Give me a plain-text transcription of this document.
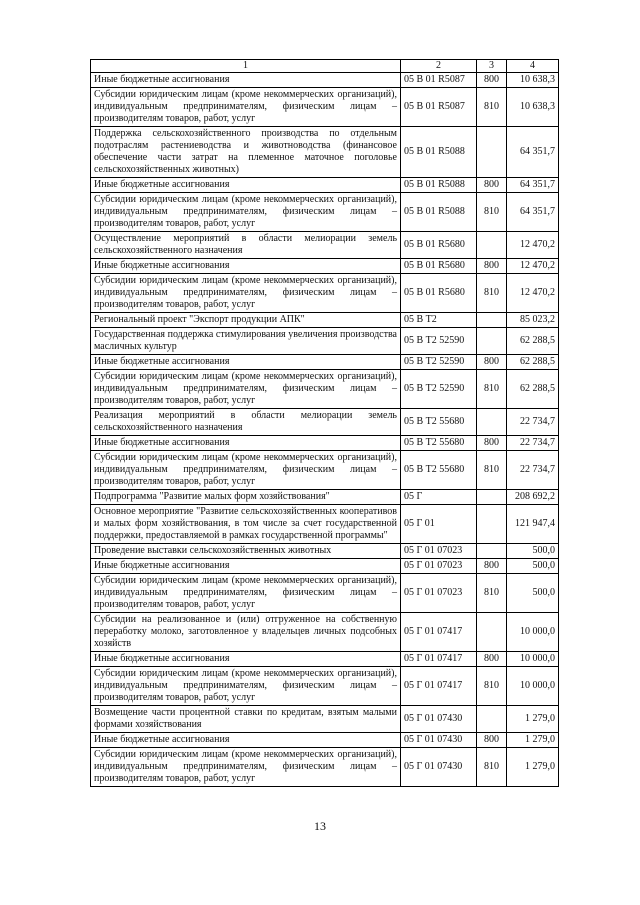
1	2	3	4
Иные бюджетные ассигнования	05 В 01 R5087	800	10 638,3
Субсидии юридическим лицам (кроме некоммерческих организаций), индивидуальным предпринимателям, физическим лицам – производителям товаров, работ, услуг	05 В 01 R5087	810	10 638,3
Поддержка сельскохозяйственного производства по отдельным подотраслям растениеводства и животноводства (финансовое обеспечение части затрат на племенное маточное поголовье сельскохозяйственных животных)	05 В 01 R5088		64 351,7
Иные бюджетные ассигнования	05 В 01 R5088	800	64 351,7
Субсидии юридическим лицам (кроме некоммерческих организаций), индивидуальным предпринимателям, физическим лицам – производителям товаров, работ, услуг	05 В 01 R5088	810	64 351,7
Осуществление мероприятий в области мелиорации земель сельскохозяйственного назначения	05 В 01 R5680		12 470,2
Иные бюджетные ассигнования	05 В 01 R5680	800	12 470,2
Субсидии юридическим лицам (кроме некоммерческих организаций), индивидуальным предпринимателям, физическим лицам – производителям товаров, работ, услуг	05 В 01 R5680	810	12 470,2
Региональный проект "Экспорт продукции АПК"	05 В Т2		85 023,2
Государственная поддержка стимулирования увеличения производства масличных культур	05 В Т2 52590		62 288,5
Иные бюджетные ассигнования	05 В Т2 52590	800	62 288,5
Субсидии юридическим лицам (кроме некоммерческих организаций), индивидуальным предпринимателям, физическим лицам – производителям товаров, работ, услуг	05 В Т2 52590	810	62 288,5
Реализация мероприятий в области мелиорации земель сельскохозяйственного назначения	05 В Т2 55680		22 734,7
Иные бюджетные ассигнования	05 В Т2 55680	800	22 734,7
Субсидии юридическим лицам (кроме некоммерческих организаций), индивидуальным предпринимателям, физическим лицам – производителям товаров, работ, услуг	05 В Т2 55680	810	22 734,7
Подпрограмма "Развитие малых форм хозяйствования"	05 Г		208 692,2
Основное мероприятие "Развитие сельскохозяйственных кооперативов и малых форм хозяйствования, в том числе за счет государственной поддержки, предоставляемой в рамках государственной программы"	05 Г 01		121 947,4
Проведение выставки сельскохозяйственных животных	05 Г 01 07023		500,0
Иные бюджетные ассигнования	05 Г 01 07023	800	500,0
Субсидии юридическим лицам (кроме некоммерческих организаций), индивидуальным предпринимателям, физическим лицам – производителям товаров, работ, услуг	05 Г 01 07023	810	500,0
Субсидии на реализованное и (или) отгруженное на собственную переработку молоко, заготовленное у владельцев личных подсобных хозяйств	05 Г 01 07417		10 000,0
Иные бюджетные ассигнования	05 Г 01 07417	800	10 000,0
Субсидии юридическим лицам (кроме некоммерческих организаций), индивидуальным предпринимателям, физическим лицам – производителям товаров, работ, услуг	05 Г 01 07417	810	10 000,0
Возмещение части процентной ставки по кредитам, взятым малыми формами хозяйствования	05 Г 01 07430		1 279,0
Иные бюджетные ассигнования	05 Г 01 07430	800	1 279,0
Субсидии юридическим лицам (кроме некоммерческих организаций), индивидуальным предпринимателям, физическим лицам – производителям товаров, работ, услуг	05 Г 01 07430	810	1 279,0
13
